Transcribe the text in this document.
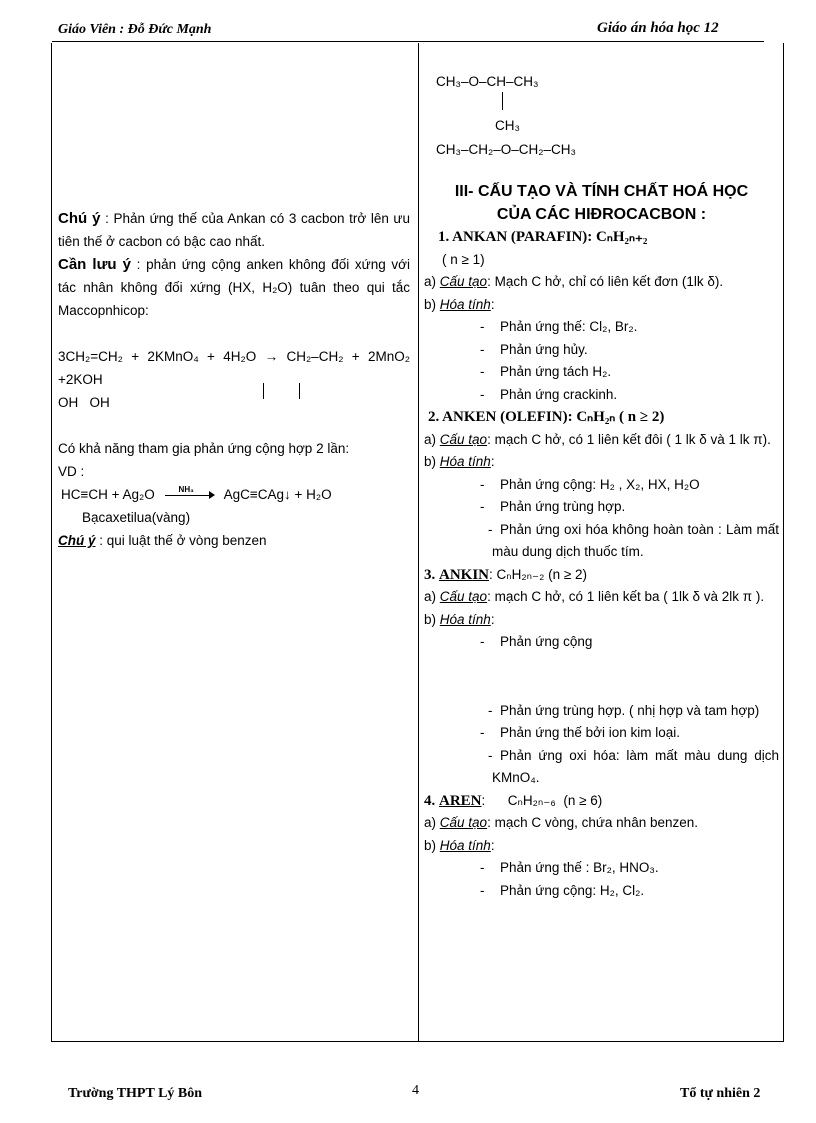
Giáo Viên : Đỗ Đức Mạnh	Giáo án hóa học 12
CH₃–O–CH–CH₃
CH₃
CH₃–CH₂–O–CH₂–CH₃

Chú ý : Phản ứng thế của Ankan có 3 cacbon trở lên ưu tiên thế ở cacbon có bậc cao nhất.

Cần lưu ý : phản ứng cộng anken không đối xứng với tác nhân không đối xứng (HX, H₂O) tuân theo qui tắc Maccopnhicop:

3CH₂=CH₂ + 2KMnO₄ + 4H₂O → CH₂–CH₂ + 2MnO₂ +2KOH
OH   OH
Có khả năng tham gia phản ứng cộng hợp 2 lần:
VD :
HC≡CH + Ag₂O	NH₃ AgC≡CAg↓ + H₂O
Bạcaxetilua(vàng)
Chú ý : qui luật thế ở vòng benzen
III- CẤU TẠO VÀ TÍNH CHẤT HOÁ HỌC
CỦA CÁC HIĐROCACBON :
1. ANKAN (PARAFIN): CₙH₂ₙ₊₂
( n ≥ 1)
a) Cấu tạo: Mạch C hở, chỉ có liên kết đơn (1lk δ).
b) Hóa tính:
- Phản ứng thế: Cl₂, Br₂.
- Phản ứng hủy.
- Phản ứng tách H₂.
- Phản ứng crackinh.
2. ANKEN (OLEFIN): CₙH₂ₙ ( n ≥ 2)
a) Cấu tạo: mạch C hở, có 1 liên kết đôi ( 1 lk δ và 1 lk π).
b) Hóa tính:
- Phản ứng cộng: H₂ , X₂, HX, H₂O
- Phản ứng trùng hợp.
- Phản ứng oxi hóa không hoàn toàn : Làm mất màu dung dịch thuốc tím.
3. ANKIN: CₙH₂ₙ₋₂ (n ≥ 2)
a) Cấu tạo: mạch C hở, có 1 liên kết ba ( 1lk δ và 2lk π ).
b) Hóa tính:
- Phản ứng cộng
- Phản ứng trùng hợp. ( nhị hợp và tam hợp)
- Phản ứng thế bởi ion kim loại.
- Phản ứng oxi hóa: làm mất màu dung dịch KMnO₄.
4. AREN:      CₙH₂ₙ₋₆  (n ≥ 6)
a) Cấu tạo: mạch C vòng, chứa nhân benzen.
b) Hóa tính:
- Phản ứng thế : Br₂, HNO₃.
- Phản ứng cộng: H₂, Cl₂.
Trường THPT Lý Bôn	4	Tổ tự nhiên 2
